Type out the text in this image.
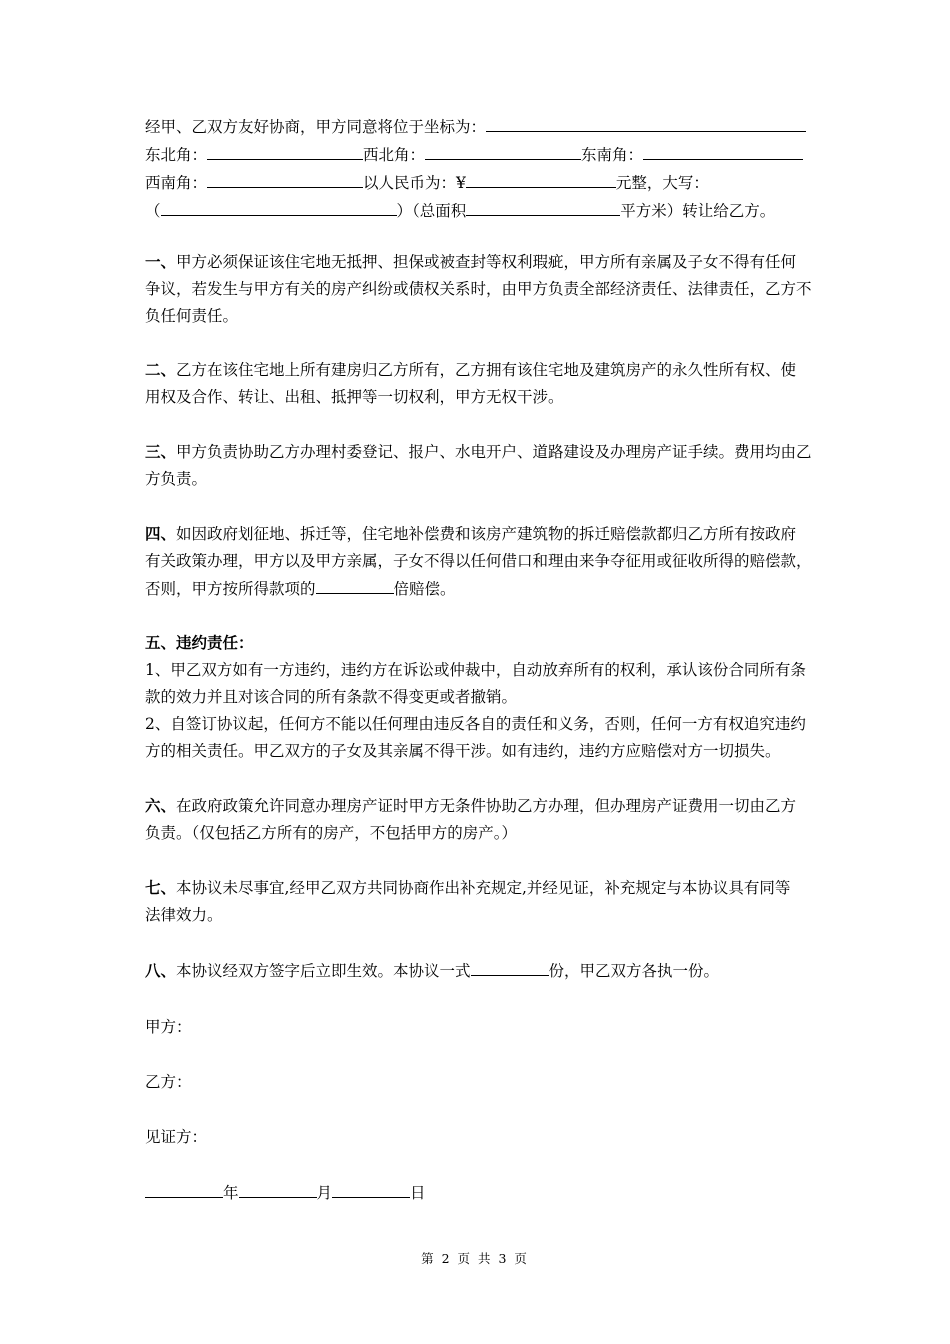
经甲、乙双方友好协商，甲方同意将位于坐标为：
东北角：	西北角：	东南角：
西南角：	以人民币为：¥	元整，大写：
（	）（总面积	平方米）转让给乙方。
一、甲方必须保证该住宅地无抵押、担保或被查封等权利瑕疵，甲方所有亲属及子女不得有任何
争议，若发生与甲方有关的房产纠纷或债权关系时，由甲方负责全部经济责任、法律责任，乙方不
负任何责任。
二、乙方在该住宅地上所有建房归乙方所有，乙方拥有该住宅地及建筑房产的永久性所有权、使
用权及合作、转让、出租、抵押等一切权利，甲方无权干涉。
三、甲方负责协助乙方办理村委登记、报户、水电开户、道路建设及办理房产证手续。费用均由乙
方负责。
四、如因政府划征地、拆迁等，住宅地补偿费和该房产建筑物的拆迁赔偿款都归乙方所有按政府
有关政策办理，甲方以及甲方亲属，子女不得以任何借口和理由来争夺征用或征收所得的赔偿款，
否则，甲方按所得款项的	倍赔偿。
五、违约责任：
1、甲乙双方如有一方违约，违约方在诉讼或仲裁中，自动放弃所有的权利，承认该份合同所有条
款的效力并且对该合同的所有条款不得变更或者撤销。
2、自签订协议起，任何方不能以任何理由违反各自的责任和义务，否则，任何一方有权追究违约
方的相关责任。甲乙双方的子女及其亲属不得干涉。如有违约，违约方应赔偿对方一切损失。
六、在政府政策允许同意办理房产证时甲方无条件协助乙方办理，但办理房产证费用一切由乙方
负责。（仅包括乙方所有的房产，不包括甲方的房产。）
七、本协议未尽事宜,经甲乙双方共同协商作出补充规定,并经见证，补充规定与本协议具有同等
法律效力。
八、本协议经双方签字后立即生效。本协议一式	份，甲乙双方各执一份。
甲方：
乙方：
见证方：
年	月	日
第 2 页 共 3 页
